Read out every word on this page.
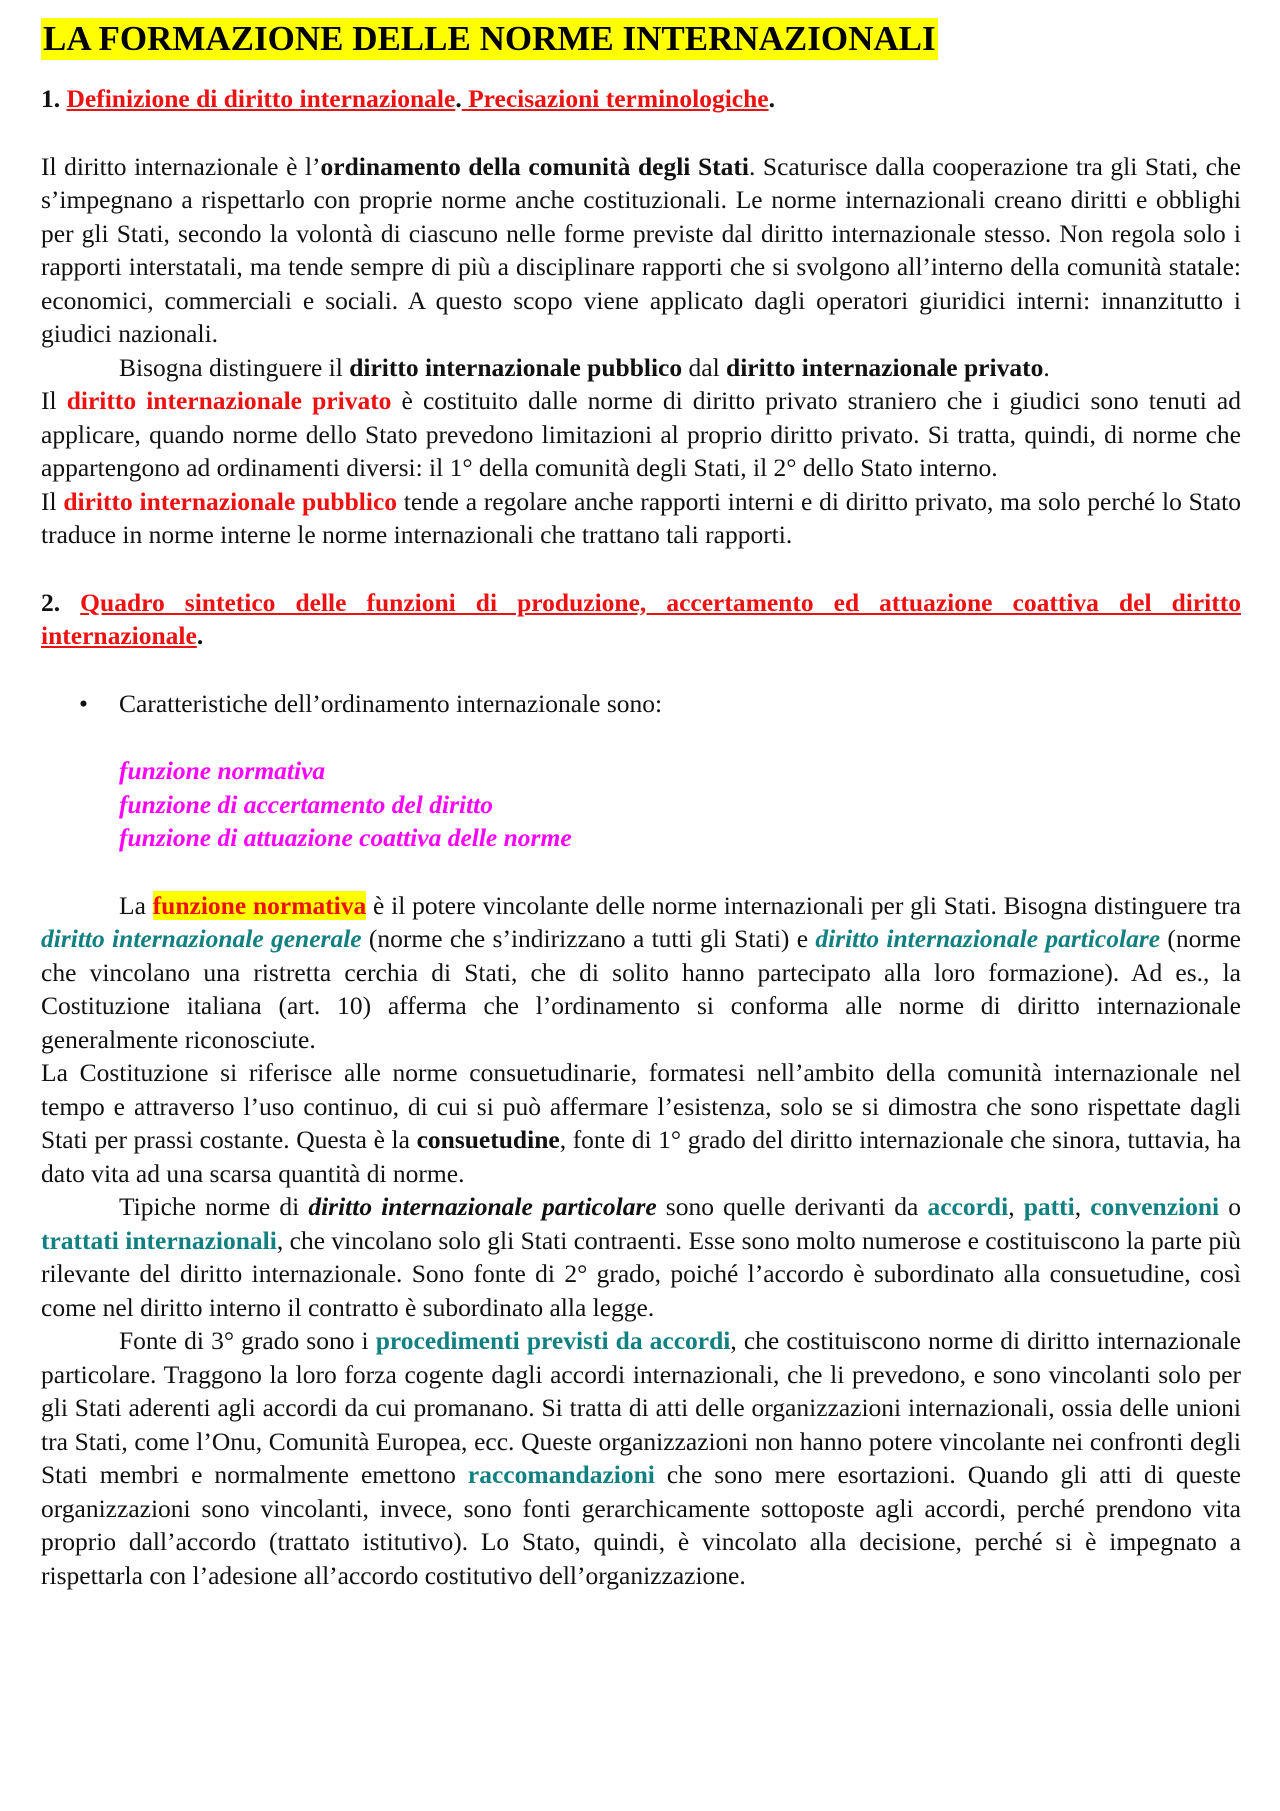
LA FORMAZIONE DELLE NORME INTERNAZIONALI

1. Definizione di diritto internazionale. Precisazioni terminologiche.

Il diritto internazionale è l’ordinamento della comunità degli Stati. Scaturisce dalla cooperazione tra gli Stati, che s’impegnano a rispettarlo con proprie norme anche costituzionali. Le norme internazionali creano diritti e obblighi per gli Stati, secondo la volontà di ciascuno nelle forme previste dal diritto internazionale stesso. Non regola solo i rapporti interstatali, ma tende sempre di più a disciplinare rapporti che si svolgono all’interno della comunità statale: economici, commerciali e sociali. A questo scopo viene applicato dagli operatori giuridici interni: innanzitutto i giudici nazionali.

Bisogna distinguere il diritto internazionale pubblico dal diritto internazionale privato.

Il diritto internazionale privato è costituito dalle norme di diritto privato straniero che i giudici sono tenuti ad applicare, quando norme dello Stato prevedono limitazioni al proprio diritto privato. Si tratta, quindi, di norme che appartengono ad ordinamenti diversi: il 1° della comunità degli Stati, il 2° dello Stato interno.

Il diritto internazionale pubblico tende a regolare anche rapporti interni e di diritto privato, ma solo perché lo Stato traduce in norme interne le norme internazionali che trattano tali rapporti.

2. Quadro sintetico delle funzioni di produzione, accertamento ed attuazione coattiva del diritto internazionale.

• Caratteristiche dell’ordinamento internazionale sono:

funzione normativa

funzione di accertamento del diritto

funzione di attuazione coattiva delle norme

La funzione normativa è il potere vincolante delle norme internazionali per gli Stati. Bisogna distinguere tra diritto internazionale generale (norme che s’indirizzano a tutti gli Stati) e diritto internazionale particolare (norme che vincolano una ristretta cerchia di Stati, che di solito hanno partecipato alla loro formazione). Ad es., la Costituzione italiana (art. 10) afferma che l’ordinamento si conforma alle norme di diritto internazionale generalmente riconosciute.

La Costituzione si riferisce alle norme consuetudinarie, formatesi nell’ambito della comunità internazionale nel tempo e attraverso l’uso continuo, di cui si può affermare l’esistenza, solo se si dimostra che sono rispettate dagli Stati per prassi costante. Questa è la consuetudine, fonte di 1° grado del diritto internazionale che sinora, tuttavia, ha dato vita ad una scarsa quantità di norme.

Tipiche norme di diritto internazionale particolare sono quelle derivanti da accordi, patti, convenzioni o trattati internazionali, che vincolano solo gli Stati contraenti. Esse sono molto numerose e costituiscono la parte più rilevante del diritto internazionale. Sono fonte di 2° grado, poiché l’accordo è subordinato alla consuetudine, così come nel diritto interno il contratto è subordinato alla legge.

Fonte di 3° grado sono i procedimenti previsti da accordi, che costituiscono norme di diritto internazionale particolare. Traggono la loro forza cogente dagli accordi internazionali, che li prevedono, e sono vincolanti solo per gli Stati aderenti agli accordi da cui promanano. Si tratta di atti delle organizzazioni internazionali, ossia delle unioni tra Stati, come l’Onu, Comunità Europea, ecc. Queste organizzazioni non hanno potere vincolante nei confronti degli Stati membri e normalmente emettono raccomandazioni che sono mere esortazioni. Quando gli atti di queste organizzazioni sono vincolanti, invece, sono fonti gerarchicamente sottoposte agli accordi, perché prendono vita proprio dall’accordo (trattato istitutivo). Lo Stato, quindi, è vincolato alla decisione, perché si è impegnato a rispettarla con l’adesione all’accordo costitutivo dell’organizzazione.
